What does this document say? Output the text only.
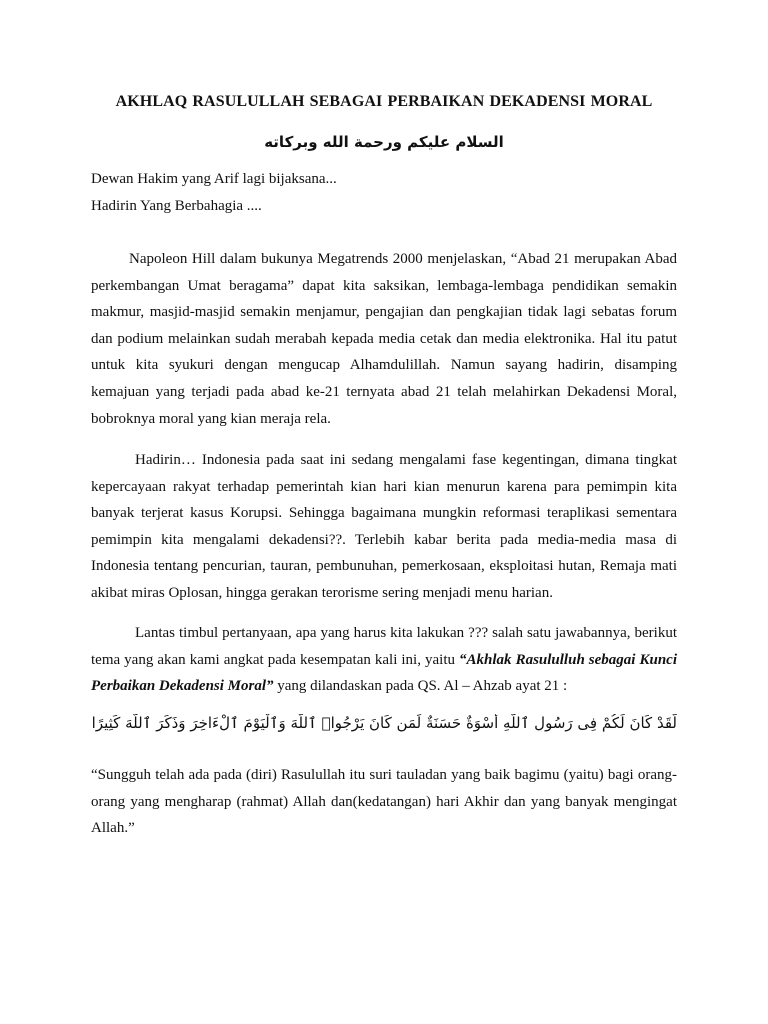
AKHLAQ RASULULLAH SEBAGAI PERBAIKAN DEKADENSI MORAL
السلام عليكم ورحمة الله وبركاته
Dewan Hakim yang Arif lagi bijaksana...
Hadirin Yang Berbahagia ....

Napoleon Hill dalam bukunya Megatrends 2000 menjelaskan, “Abad 21 merupakan Abad perkembangan Umat beragama” dapat kita saksikan, lembaga-lembaga pendidikan semakin makmur, masjid-masjid semakin menjamur, pengajian dan pengkajian tidak lagi sebatas forum dan podium melainkan sudah merabah kepada media cetak dan media elektronika. Hal itu patut untuk kita syukuri dengan mengucap Alhamdulillah. Namun sayang hadirin, disamping kemajuan yang terjadi pada abad ke-21 ternyata abad 21 telah melahirkan Dekadensi Moral, bobroknya moral yang kian meraja rela.

Hadirin… Indonesia pada saat ini sedang mengalami fase kegentingan, dimana tingkat kepercayaan rakyat terhadap pemerintah kian hari kian menurun karena para pemimpin kita banyak terjerat kasus Korupsi. Sehingga bagaimana mungkin reformasi teraplikasi sementara pemimpin kita mengalami dekadensi??. Terlebih kabar berita pada media-media masa di Indonesia tentang pencurian, tauran, pembunuhan, pemerkosaan, eksploitasi hutan, Remaja mati akibat miras Oplosan, hingga gerakan terorisme sering menjadi menu harian.

Lantas timbul pertanyaan, apa yang harus kita lakukan ??? salah satu jawabannya, berikut tema yang akan kami angkat pada kesempatan kali ini, yaitu “Akhlak Rasululluh sebagai Kunci Perbaikan Dekadensi Moral” yang dilandaskan pada QS. Al – Ahzab ayat 21 :

لَّقَدْ كَانَ لَكُمْ فِى رَسُولِ ٱللَّهِ أُسْوَةٌ حَسَنَةٌ لِّمَن كَانَ يَرْجُوا۟ ٱللَّهَ وَٱلْيَوْمَ ٱلْءَاخِرَ وَذَكَرَ ٱللَّهَ كَثِيرًا

“Sungguh telah ada pada (diri) Rasulullah itu suri tauladan yang baik bagimu (yaitu) bagi orang-orang yang mengharap (rahmat) Allah dan(kedatangan) hari Akhir dan yang banyak mengingat Allah.”
